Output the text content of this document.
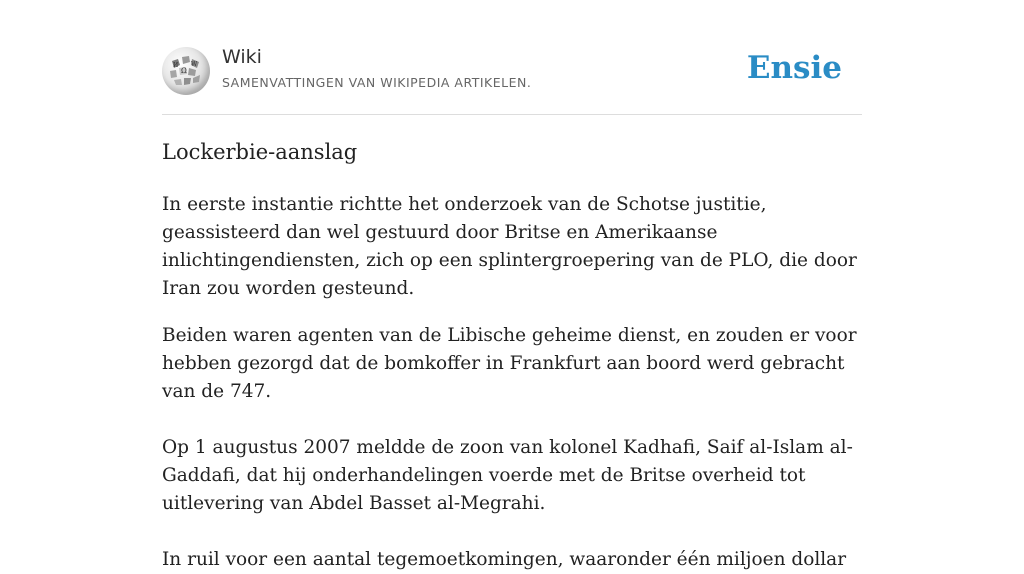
Ω
W
И Wiki
SAMENVATTINGEN VAN WIKIPEDIA ARTIKELEN.	Ensie
Lockerbie-aanslag

In eerste instantie richtte het onderzoek van de Schotse justitie, geassisteerd dan wel gestuurd door Britse en Amerikaanse inlichtingendiensten, zich op een splintergroepering van de PLO, die door Iran zou worden gesteund.

Beiden waren agenten van de Libische geheime dienst, en zouden er voor hebben gezorgd dat de bomkoffer in Frankfurt aan boord werd gebracht van de 747.

Op 1 augustus 2007 meldde de zoon van kolonel Kadhafi, Saif al-Islam al-Gaddafi, dat hij onderhandelingen voerde met de Britse overheid tot uitlevering van Abdel Basset al-Megrahi.

In ruil voor een aantal tegemoetkomingen, waaronder één miljoen dollar
